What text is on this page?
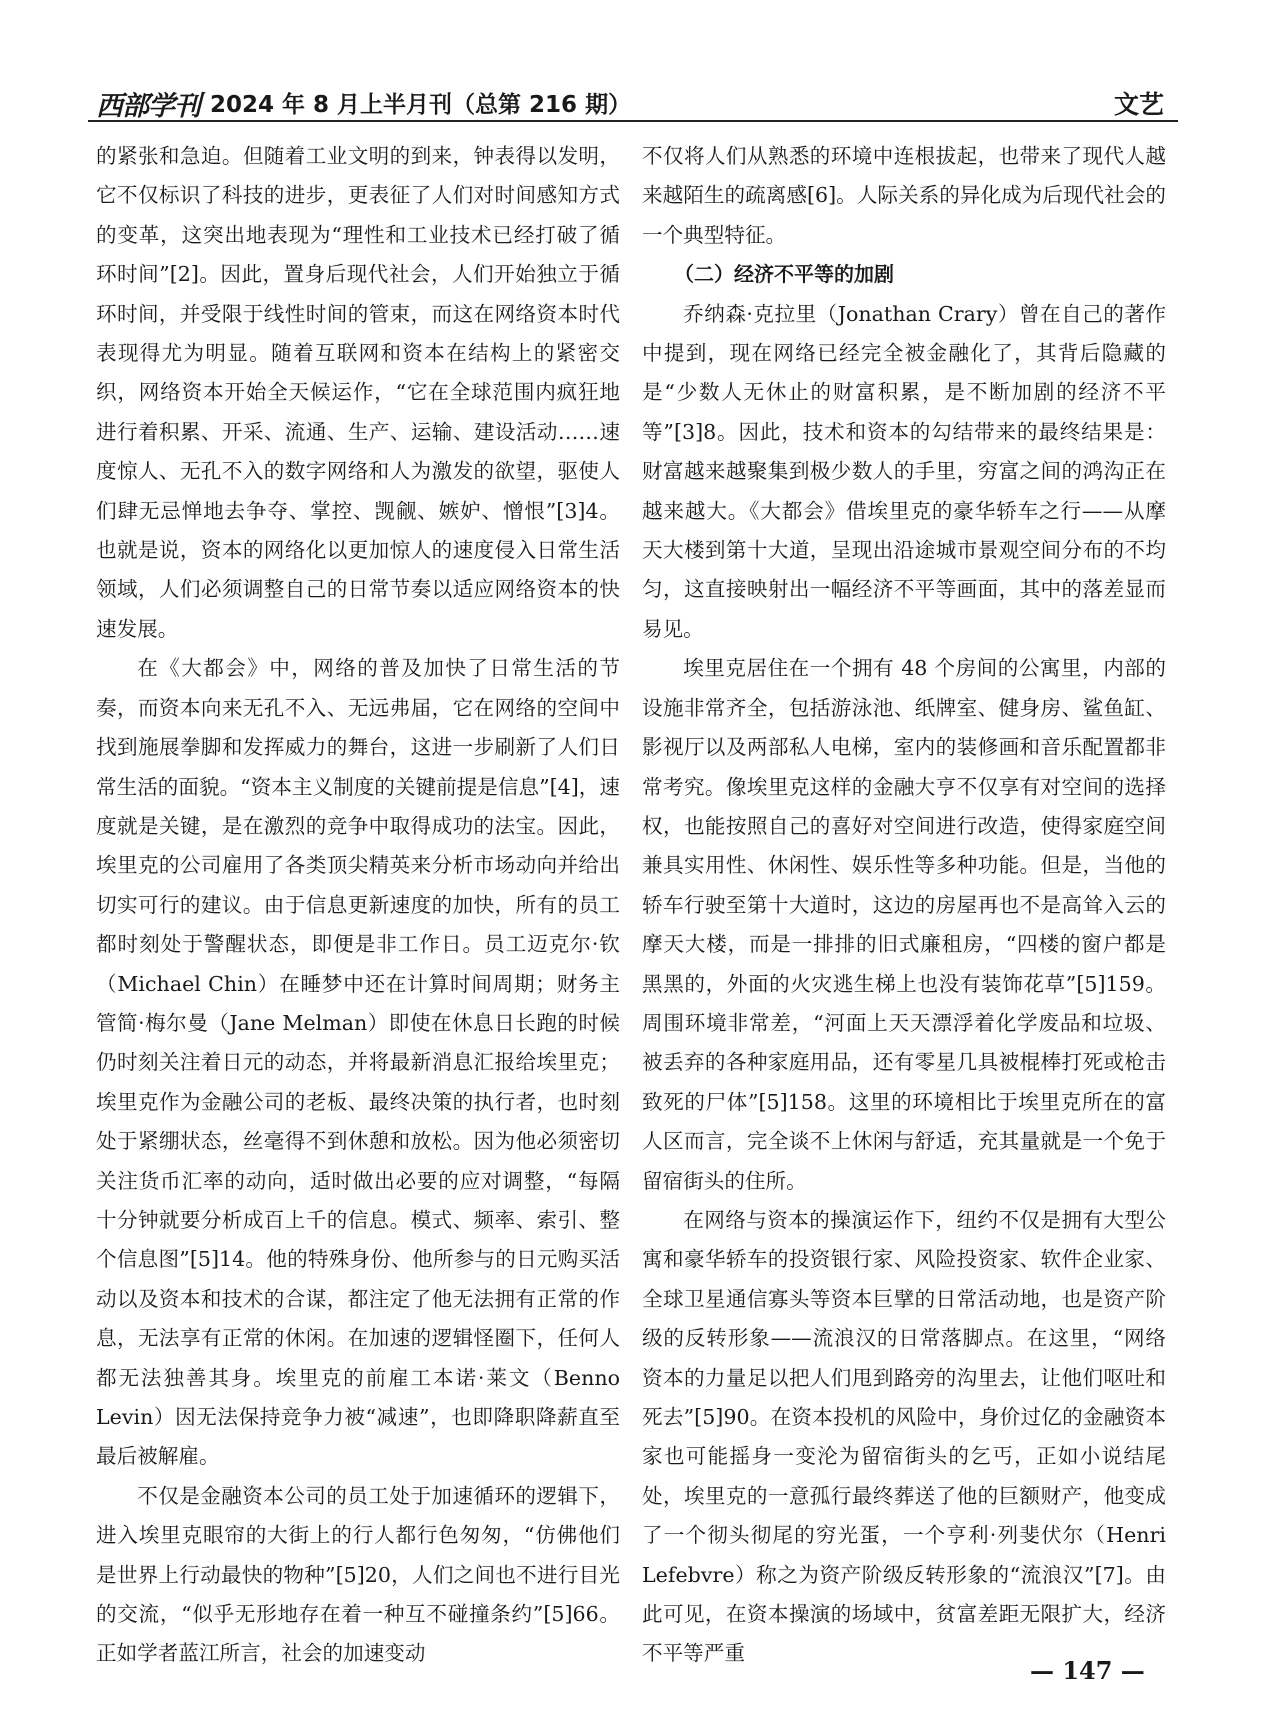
西部学刊 2024 年 8 月上半月刊（总第 216 期）	文艺

的紧张和急迫。但随着工业文明的到来，钟表得以发明，它不仅标识了科技的进步，更表征了人们对时间感知方式的变革，这突出地表现为“理性和工业技术已经打破了循环时间”[2]。因此，置身后现代社会，人们开始独立于循环时间，并受限于线性时间的管束，而这在网络资本时代表现得尤为明显。随着互联网和资本在结构上的紧密交织，网络资本开始全天候运作，“它在全球范围内疯狂地进行着积累、开采、流通、生产、运输、建设活动……速度惊人、无孔不入的数字网络和人为激发的欲望，驱使人们肆无忌惮地去争夺、掌控、觊觎、嫉妒、憎恨”[3]4。也就是说，资本的网络化以更加惊人的速度侵入日常生活领域，人们必须调整自己的日常节奏以适应网络资本的快速发展。

在《大都会》中，网络的普及加快了日常生活的节奏，而资本向来无孔不入、无远弗届，它在网络的空间中找到施展拳脚和发挥威力的舞台，这进一步刷新了人们日常生活的面貌。“资本主义制度的关键前提是信息”[4]，速度就是关键，是在激烈的竞争中取得成功的法宝。因此，埃里克的公司雇用了各类顶尖精英来分析市场动向并给出切实可行的建议。由于信息更新速度的加快，所有的员工都时刻处于警醒状态，即便是非工作日。员工迈克尔·钦（Michael Chin）在睡梦中还在计算时间周期；财务主管简·梅尔曼（Jane Melman）即使在休息日长跑的时候仍时刻关注着日元的动态，并将最新消息汇报给埃里克；埃里克作为金融公司的老板、最终决策的执行者，也时刻处于紧绷状态，丝毫得不到休憩和放松。因为他必须密切关注货币汇率的动向，适时做出必要的应对调整，“每隔十分钟就要分析成百上千的信息。模式、频率、索引、整个信息图”[5]14。他的特殊身份、他所参与的日元购买活动以及资本和技术的合谋，都注定了他无法拥有正常的作息，无法享有正常的休闲。在加速的逻辑怪圈下，任何人都无法独善其身。埃里克的前雇工本诺·莱文（Benno Levin）因无法保持竞争力被“减速”，也即降职降薪直至最后被解雇。

不仅是金融资本公司的员工处于加速循环的逻辑下，进入埃里克眼帘的大街上的行人都行色匆匆，“仿佛他们是世界上行动最快的物种”[5]20，人们之间也不进行目光的交流，“似乎无形地存在着一种互不碰撞条约”[5]66。正如学者蓝江所言，社会的加速变动

不仅将人们从熟悉的环境中连根拔起，也带来了现代人越来越陌生的疏离感[6]。人际关系的异化成为后现代社会的一个典型特征。

（二）经济不平等的加剧

乔纳森·克拉里（Jonathan Crary）曾在自己的著作中提到，现在网络已经完全被金融化了，其背后隐藏的是“少数人无休止的财富积累，是不断加剧的经济不平等”[3]8。因此，技术和资本的勾结带来的最终结果是：财富越来越聚集到极少数人的手里，穷富之间的鸿沟正在越来越大。《大都会》借埃里克的豪华轿车之行——从摩天大楼到第十大道，呈现出沿途城市景观空间分布的不均匀，这直接映射出一幅经济不平等画面，其中的落差显而易见。

埃里克居住在一个拥有 48 个房间的公寓里，内部的设施非常齐全，包括游泳池、纸牌室、健身房、鲨鱼缸、影视厅以及两部私人电梯，室内的装修画和音乐配置都非常考究。像埃里克这样的金融大亨不仅享有对空间的选择权，也能按照自己的喜好对空间进行改造，使得家庭空间兼具实用性、休闲性、娱乐性等多种功能。但是，当他的轿车行驶至第十大道时，这边的房屋再也不是高耸入云的摩天大楼，而是一排排的旧式廉租房，“四楼的窗户都是黑黑的，外面的火灾逃生梯上也没有装饰花草”[5]159。周围环境非常差，“河面上天天漂浮着化学废品和垃圾、被丢弃的各种家庭用品，还有零星几具被棍棒打死或枪击致死的尸体”[5]158。这里的环境相比于埃里克所在的富人区而言，完全谈不上休闲与舒适，充其量就是一个免于留宿街头的住所。

在网络与资本的操演运作下，纽约不仅是拥有大型公寓和豪华轿车的投资银行家、风险投资家、软件企业家、全球卫星通信寡头等资本巨擘的日常活动地，也是资产阶级的反转形象——流浪汉的日常落脚点。在这里，“网络资本的力量足以把人们甩到路旁的沟里去，让他们呕吐和死去”[5]90。在资本投机的风险中，身价过亿的金融资本家也可能摇身一变沦为留宿街头的乞丐，正如小说结尾处，埃里克的一意孤行最终葬送了他的巨额财产，他变成了一个彻头彻尾的穷光蛋，一个亨利·列斐伏尔（Henri Lefebvre）称之为资产阶级反转形象的“流浪汉”[7]。由此可见，在资本操演的场域中，贫富差距无限扩大，经济不平等严重

— 147 —
